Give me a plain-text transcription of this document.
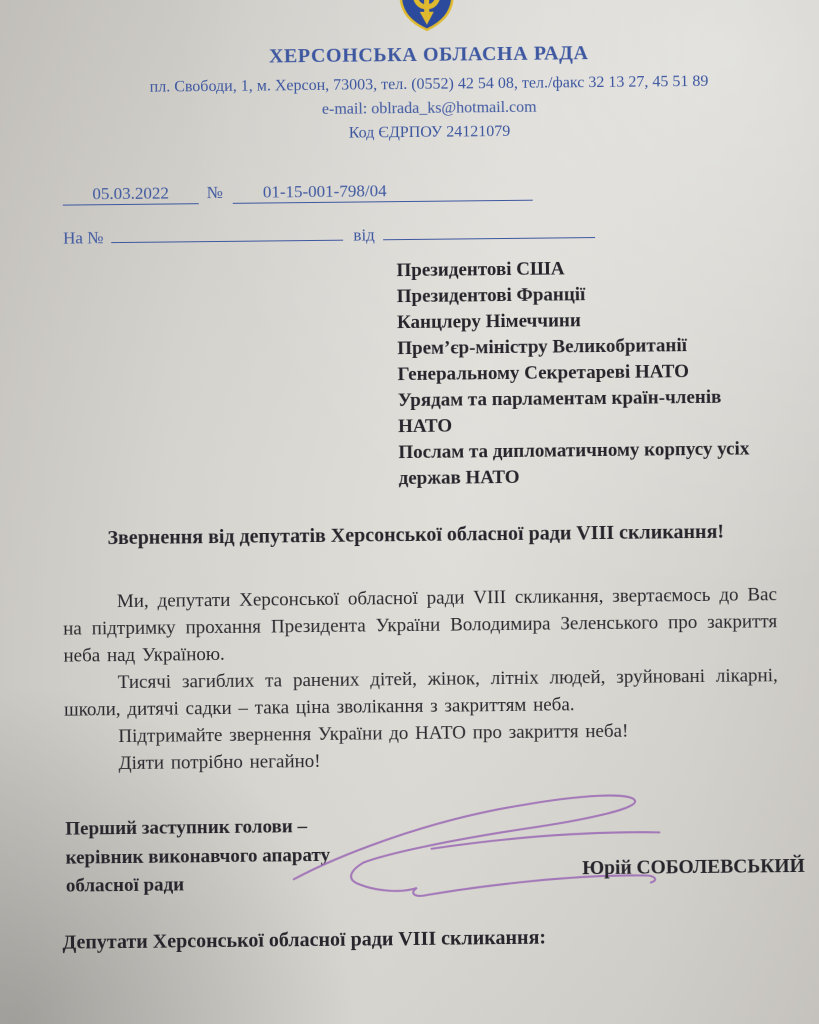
ХЕРСОНСЬКА ОБЛАСНА РАДА
пл. Свободи, 1, м. Херсон, 73003, тел. (0552) 42 54 08, тел./факс 32 13 27, 45 51 89
e-mail: oblrada_ks@hotmail.com
Код ЄДРПОУ 24121079
05.03.2022 № 01-15-001-798/04
На №	від
Президентові США
Президентові Франції
Канцлеру Німеччини
Прем’єр-міністру Великобританії
Генеральному Секретареві НАТО
Урядам та парламентам країн-членів
НАТО
Послам та дипломатичному корпусу усіх
держав НАТО
Звернення від депутатів Херсонської обласної ради VIII скликання!

Ми, депутати Херсонської обласної ради VIII скликання, звертаємось до Вас на підтримку прохання Президента України Володимира Зеленського про закриття неба над Україною.

Тисячі загиблих та ранених дітей, жінок, літніх людей, зруйновані лікарні, школи, дитячі садки – така ціна зволікання з закриттям неба.

Підтримайте звернення України до НАТО про закриття неба!

Діяти потрібно негайно!

Перший заступник голови –
керівник виконавчого апарату
обласної ради
Юрій СОБОЛЕВСЬКИЙ
Депутати Херсонської обласної ради VIII скликання:
